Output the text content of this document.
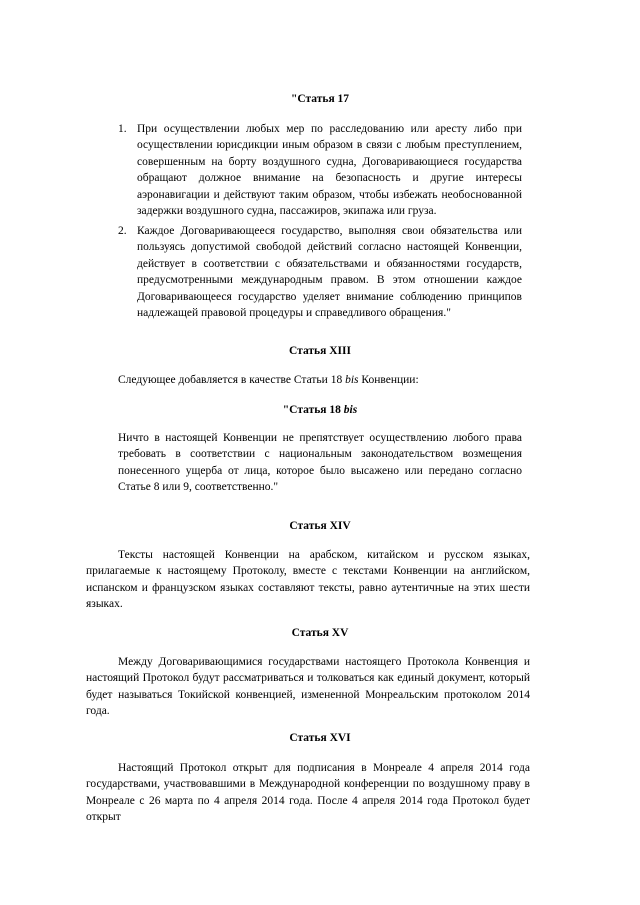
"Статья 17
1. При осуществлении любых мер по расследованию или аресту либо при осуществлении юрисдикции иным образом в связи с любым преступлением, совершенным на борту воздушного судна, Договаривающиеся государства обращают должное внимание на безопасность и другие интересы аэронавигации и действуют таким образом, чтобы избежать необоснованной задержки воздушного судна, пассажиров, экипажа или груза.
2. Каждое Договаривающееся государство, выполняя свои обязательства или пользуясь допустимой свободой действий согласно настоящей Конвенции, действует в соответствии с обязательствами и обязанностями государств, предусмотренными международным правом. В этом отношении каждое Договаривающееся государство уделяет внимание соблюдению принципов надлежащей правовой процедуры и справедливого обращения."
Статья XIII
Следующее добавляется в качестве Статьи 18 bis Конвенции:
"Статья 18 bis
Ничто в настоящей Конвенции не препятствует осуществлению любого права требовать в соответствии с национальным законодательством возмещения понесенного ущерба от лица, которое было высажено или передано согласно Статье 8 или 9, соответственно."
Статья XIV
Тексты настоящей Конвенции на арабском, китайском и русском языках, прилагаемые к настоящему Протоколу, вместе с текстами Конвенции на английском, испанском и французском языках составляют тексты, равно аутентичные на этих шести языках.
Статья XV
Между Договаривающимися государствами настоящего Протокола Конвенция и настоящий Протокол будут рассматриваться и толковаться как единый документ, который будет называться Токийской конвенцией, измененной Монреальским протоколом 2014 года.
Статья XVI
Настоящий Протокол открыт для подписания в Монреале 4 апреля 2014 года государствами, участвовавшими в Международной конференции по воздушному праву в Монреале с 26 марта по 4 апреля 2014 года. После 4 апреля 2014 года Протокол будет открыт
